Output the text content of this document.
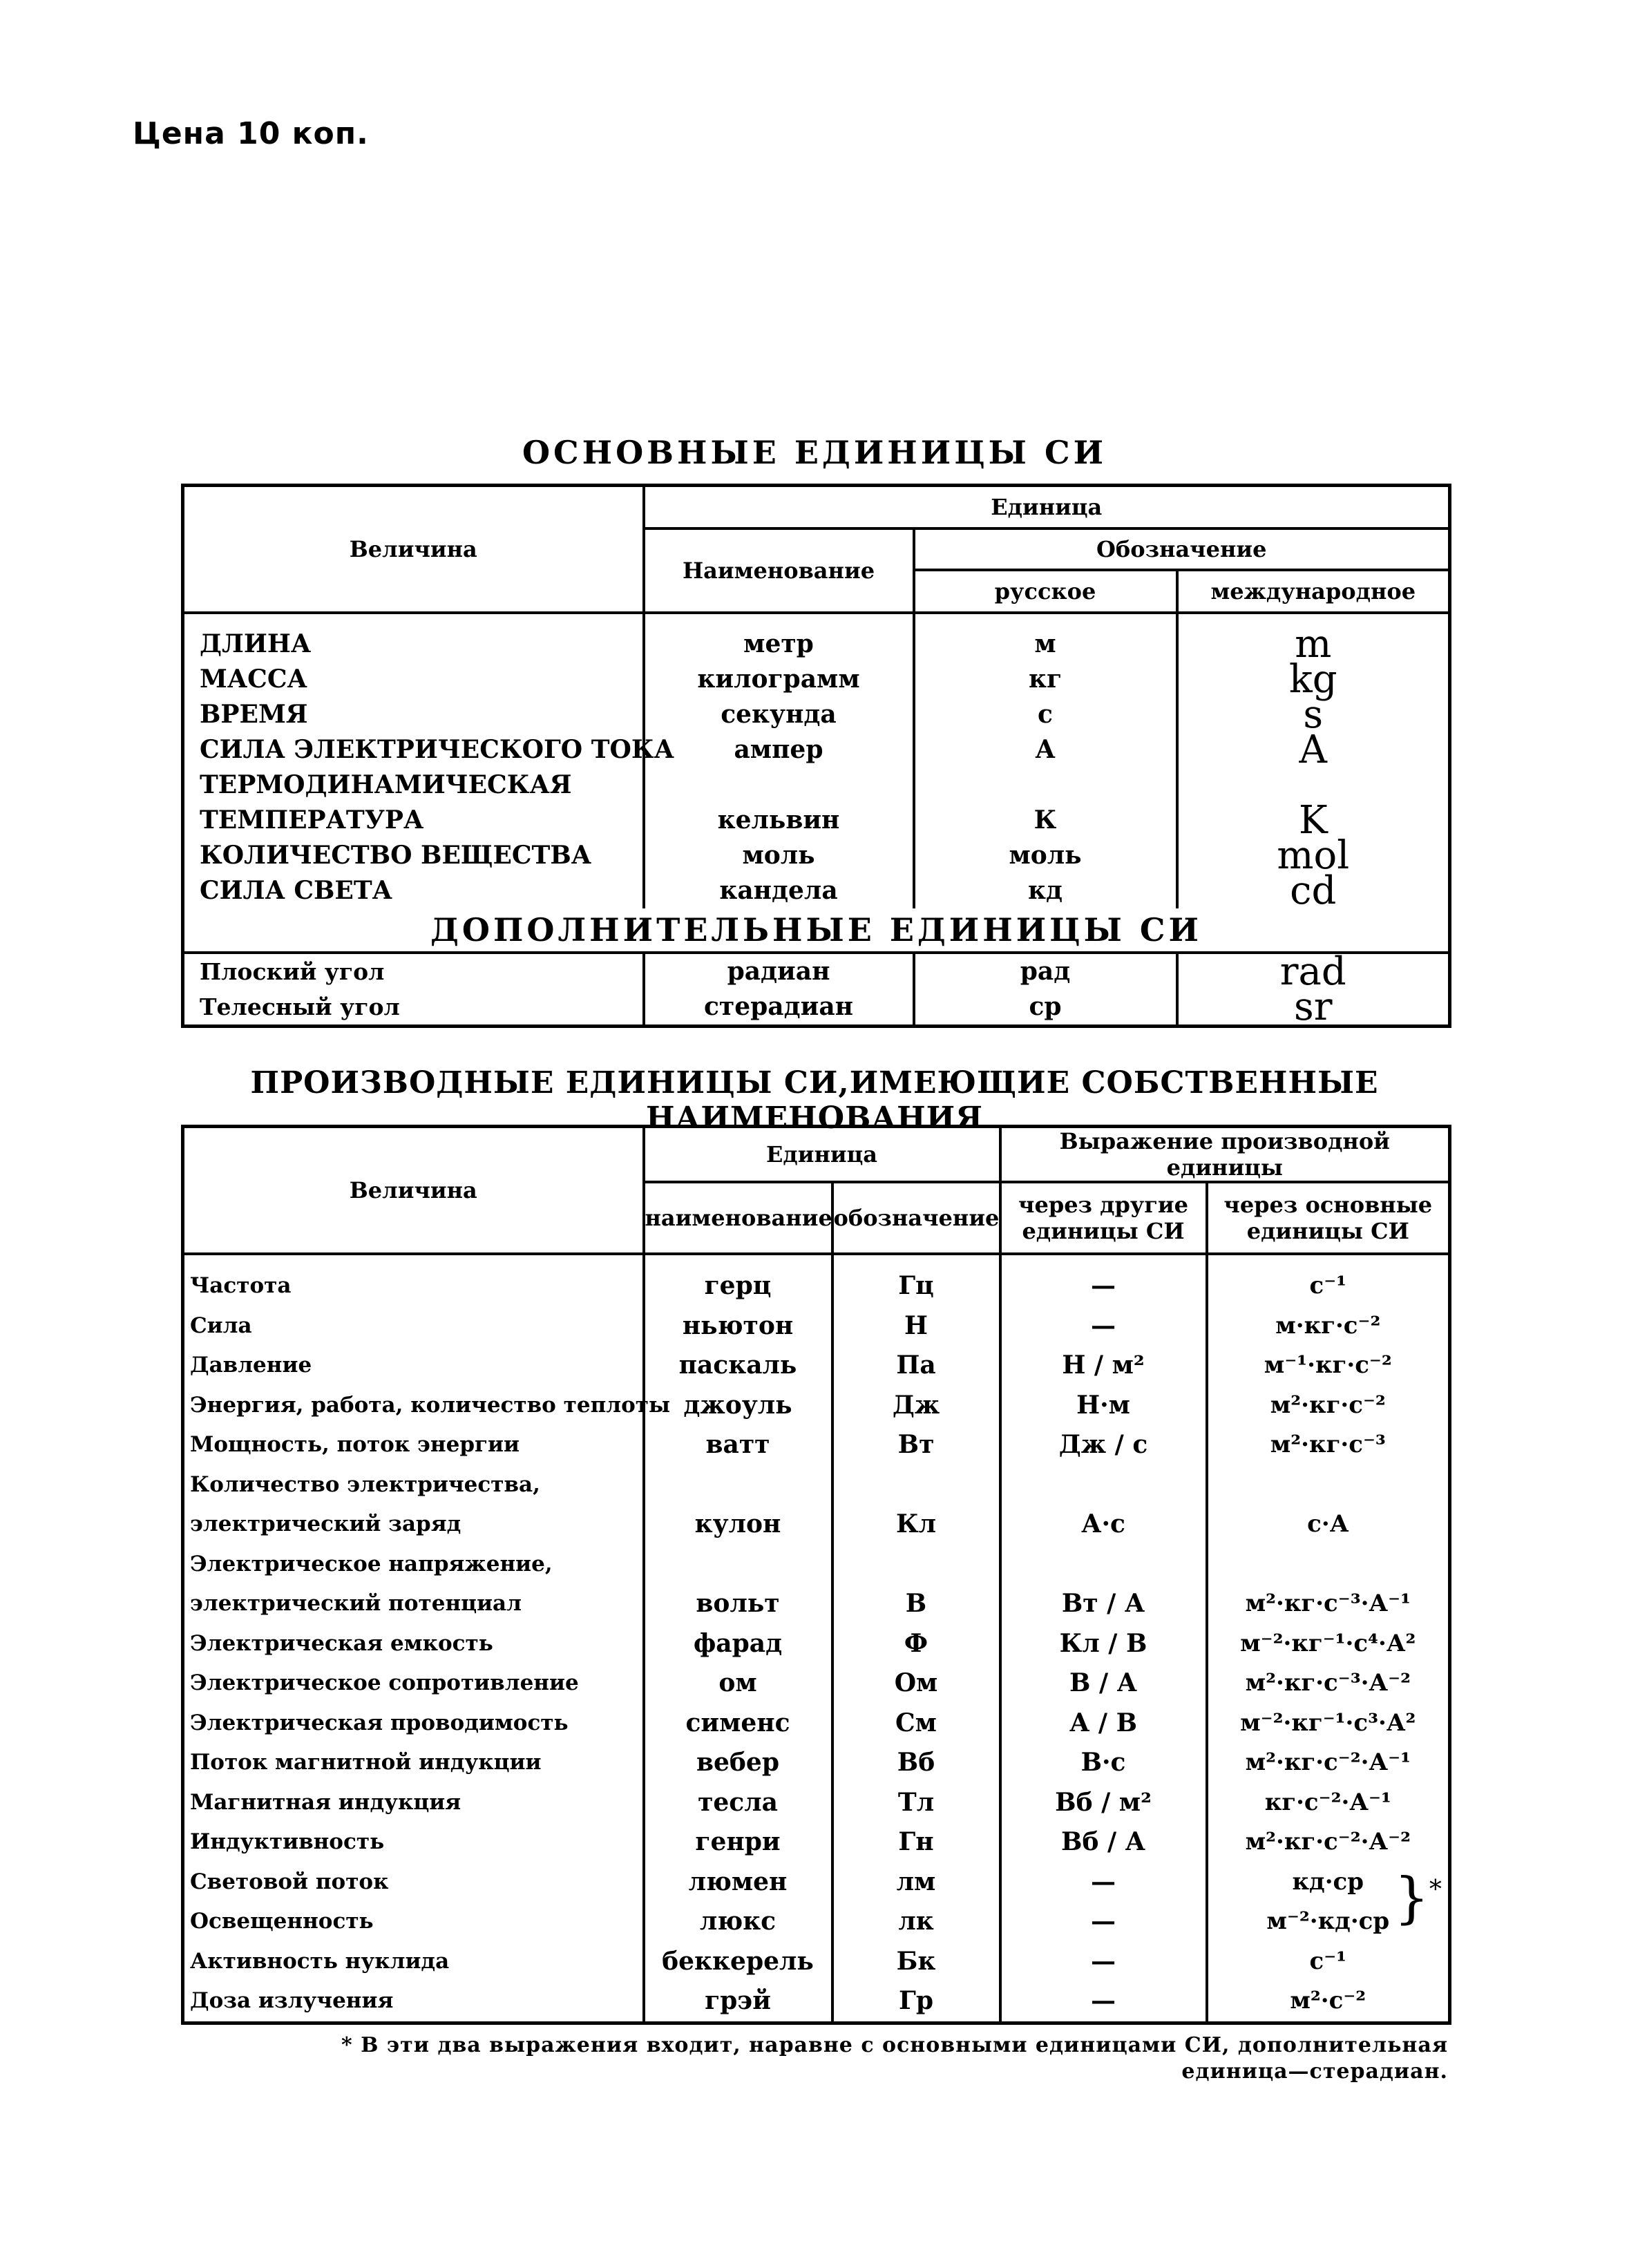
Цена 10 коп.
ОСНОВНЫЕ ЕДИНИЦЫ СИ
Величина	Единица		
	Наименование	Обозначение	
		русское	международное
ДЛИНА	метр	м	m
МАССА	килограмм	кг	kg
ВРЕМЯ	секунда	с	s
СИЛА ЭЛЕКТРИЧЕСКОГО ТОКА	ампер	А	A
ТЕРМОДИНАМИЧЕСКАЯ			
ТЕМПЕРАТУРА	кельвин	К	K
КОЛИЧЕСТВО ВЕЩЕСТВА	моль	моль	mol
СИЛА СВЕТА	кандела	кд	cd
ДОПОЛНИТЕЛЬНЫЕ ЕДИНИЦЫ СИ			
Плоский угол	радиан	рад	rad
Телесный угол	стерадиан	ср	sr
ПРОИЗВОДНЫЕ ЕДИНИЦЫ СИ,ИМЕЮЩИЕ СОБСТВЕННЫЕ НАИМЕНОВАНИЯ
Величина	Единица		Выражение производной единицы	
	наименование	обозначение	через другие единицы СИ	через основные единицы СИ
Частота	герц	Гц	—	с⁻¹
Сила	ньютон	Н	—	м·кг·с⁻²
Давление	паскаль	Па	Н / м²	м⁻¹·кг·с⁻²
Энергия, работа, количество теплоты	джоуль	Дж	Н·м	м²·кг·с⁻²
Мощность, поток энергии	ватт	Вт	Дж / с	м²·кг·с⁻³
Количество электричества,				
электрический заряд	кулон	Кл	А·с	с·А
Электрическое напряжение,				
электрический потенциал	вольт	В	Вт / А	м²·кг·с⁻³·А⁻¹
Электрическая емкость	фарад	Ф	Кл / В	м⁻²·кг⁻¹·с⁴·А²
Электрическое сопротивление	ом	Ом	В / А	м²·кг·с⁻³·А⁻²
Электрическая проводимость	сименс	См	А / В	м⁻²·кг⁻¹·с³·А²
Поток магнитной индукции	вебер	Вб	В·с	м²·кг·с⁻²·А⁻¹
Магнитная индукция	тесла	Тл	Вб / м²	кг·с⁻²·А⁻¹
Индуктивность	генри	Гн	Вб / А	м²·кг·с⁻²·А⁻²
Световой поток	люмен	лм	—	кд·ср
Освещенность	люкс	лк	—	м⁻²·кд·ср
Активность нуклида	беккерель	Бк	—	с⁻¹
Доза излучения	грэй	Гр	—	м²·с⁻²
}*
* В эти два выражения входит, наравне с основными единицами СИ, дополнительная
единица—стерадиан.
